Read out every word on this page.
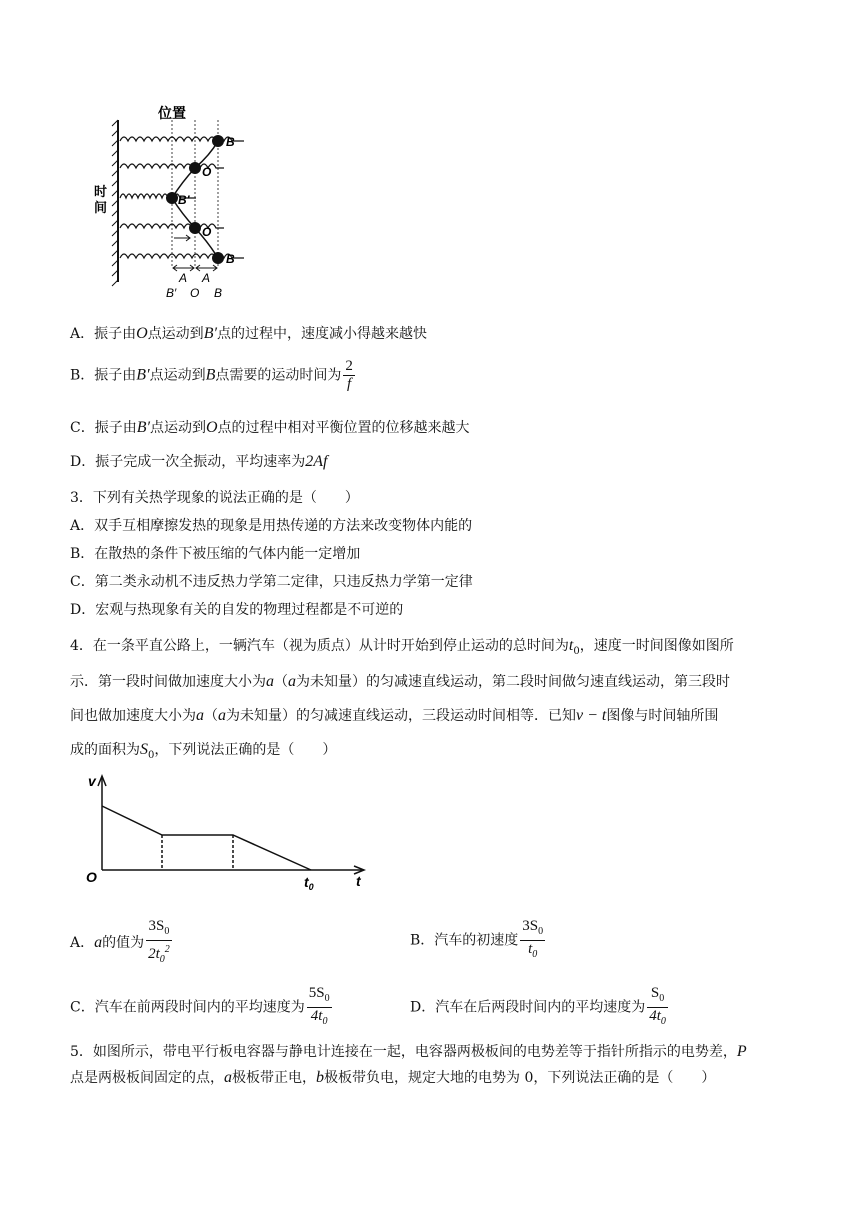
位置
时
间
B
O
B′
O
B
A A
B′ O B
A．振子由O点运动到B′点的过程中，速度减小得越来越快
B．振子由B′点运动到B点需要的运动时间为 $\frac{2}{f}$
C．振子由B′点运动到O点的过程中相对平衡位置的位移越来越大
D．振子完成一次全振动，平均速率为2Af
3．下列有关热学现象的说法正确的是（　　）
A．双手互相摩擦发热的现象是用热传递的方法来改变物体内能的
B．在散热的条件下被压缩的气体内能一定增加
C．第二类永动机不违反热力学第二定律，只违反热力学第一定律
D．宏观与热现象有关的自发的物理过程都是不可逆的
4．在一条平直公路上，一辆汽车（视为质点）从计时开始到停止运动的总时间为$t_0$，速度一时间图像如图所
示．第一段时间做加速度大小为a（a为未知量）的匀减速直线运动，第二段时间做匀速直线运动，第三段时
间也做加速度大小为a（a为未知量）的匀减速直线运动，三段运动时间相等．已知v − t图像与时间轴所围
成的面积为$S_0$，下列说法正确的是（　　）
v
O	$t_0$	t
A．a的值为 $\frac{3S_0}{2t_0^2}$	B．汽车的初速度 $\frac{3S_0}{t_0}$
C．汽车在前两段时间内的平均速度为 $\frac{5S_0}{4t_0}$	D．汽车在后两段时间内的平均速度为 $\frac{S_0}{4t_0}$
5．如图所示，带电平行板电容器与静电计连接在一起，电容器两极板间的电势差等于指针所指示的电势差，P
点是两极板间固定的点，a极板带正电，b极板带负电，规定大地的电势为 0，下列说法正确的是（　　）
